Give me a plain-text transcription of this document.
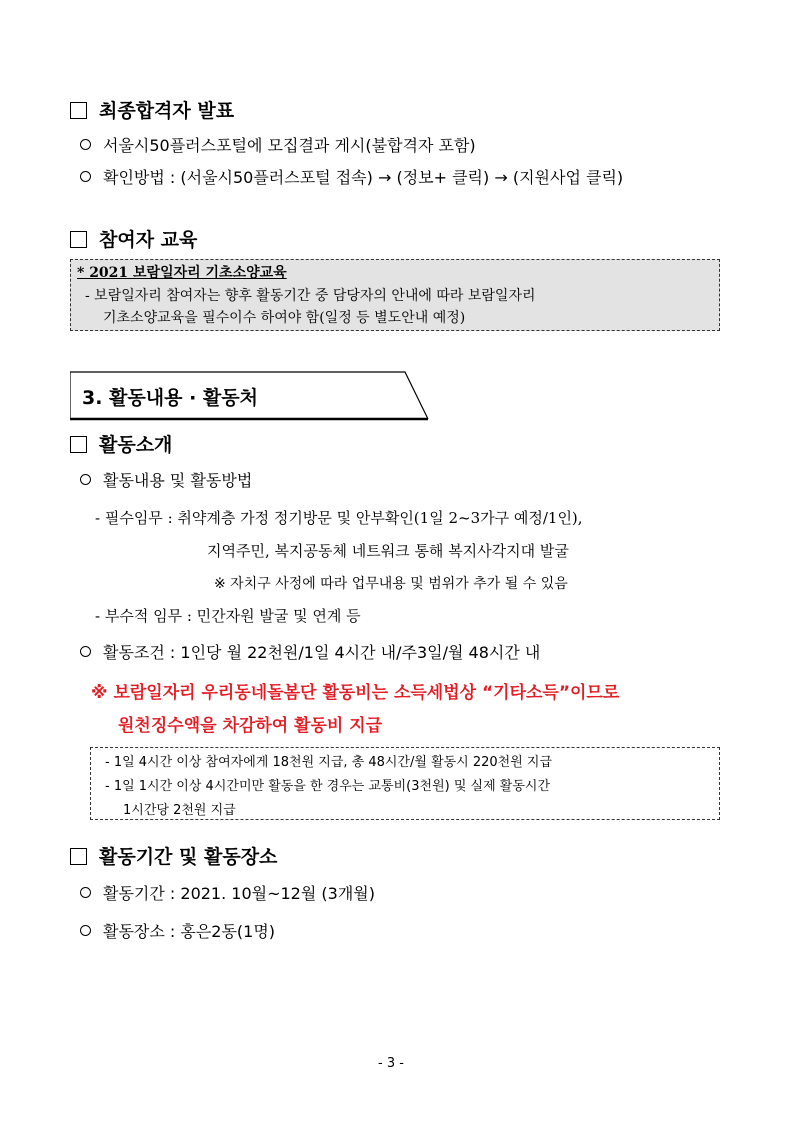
최종합격자 발표
서울시50플러스포털에 모집결과 게시(불합격자 포함)
확인방법 : (서울시50플러스포털 접속) → (정보+ 클릭) → (지원사업 클릭)
참여자 교육
* 2021 보람일자리 기초소양교육
- 보람일자리 참여자는 향후 활동기간 중 담당자의 안내에 따라 보람일자리
기초소양교육을 필수이수 하여야 함(일정 등 별도안내 예정)
3. 활동내용 · 활동처
활동소개
활동내용 및 활동방법
- 필수임무 : 취약계층 가정 정기방문 및 안부확인(1일 2~3가구 예정/1인),
지역주민, 복지공동체 네트워크 통해 복지사각지대 발굴
※ 자치구 사정에 따라 업무내용 및 범위가 추가 될 수 있음
- 부수적 임무 : 민간자원 발굴 및 연계 등
활동조건 : 1인당 월 22천원/1일 4시간 내/주3일/월 48시간 내
※ 보람일자리 우리동네돌봄단 활동비는 소득세법상 “기타소득”이므로
원천징수액을 차감하여 활동비 지급
- 1일 4시간 이상 참여자에게 18천원 지급, 총 48시간/월 활동시 220천원 지급
- 1일 1시간 이상 4시간미만 활동을 한 경우는 교통비(3천원) 및 실제 활동시간
1시간당 2천원 지급
활동기간 및 활동장소
활동기간 : 2021. 10월~12월 (3개월)
활동장소 : 홍은2동(1명)
- 3 -
